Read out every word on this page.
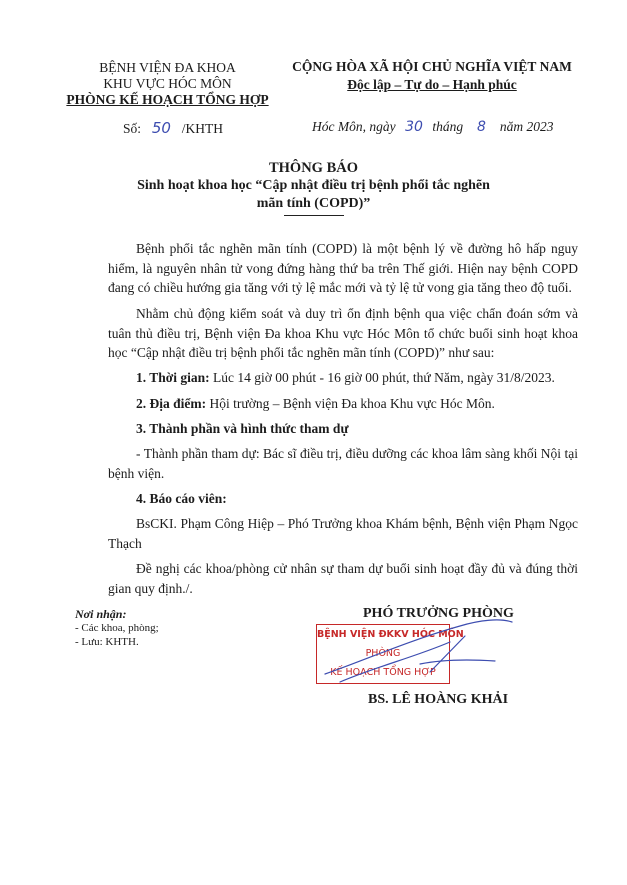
BỆNH VIỆN ĐA KHOA
KHU VỰC HÓC MÔN
PHÒNG KẾ HOẠCH TỔNG HỢP
CỘNG HÒA XÃ HỘI CHỦ NGHĨA VIỆT NAM
Độc lập – Tự do – Hạnh phúc
Số: 50 /KHTH	Hóc Môn, ngày 30 tháng 8 năm 2023
THÔNG BÁO
Sinh hoạt khoa học “Cập nhật điều trị bệnh phổi tắc nghẽn
mãn tính (COPD)”
Bệnh phổi tắc nghẽn mãn tính (COPD) là một bệnh lý về đường hô hấp nguy hiểm, là nguyên nhân tử vong đứng hàng thứ ba trên Thế giới. Hiện nay bệnh COPD đang có chiều hướng gia tăng với tỷ lệ mắc mới và tỷ lệ tử vong gia tăng theo độ tuổi.
Nhằm chủ động kiểm soát và duy trì ổn định bệnh qua việc chẩn đoán sớm và tuân thủ điều trị, Bệnh viện Đa khoa Khu vực Hóc Môn tổ chức buổi sinh hoạt khoa học “Cập nhật điều trị bệnh phổi tắc nghẽn mãn tính (COPD)” như sau:
1. Thời gian: Lúc 14 giờ 00 phút - 16 giờ 00 phút, thứ Năm, ngày 31/8/2023.
2. Địa điểm: Hội trường – Bệnh viện Đa khoa Khu vực Hóc Môn.
3. Thành phần và hình thức tham dự
- Thành phần tham dự: Bác sĩ điều trị, điều dưỡng các khoa lâm sàng khối Nội tại bệnh viện.
4. Báo cáo viên:
BsCKI. Phạm Công Hiệp – Phó Trưởng khoa Khám bệnh, Bệnh viện Phạm Ngọc Thạch
Đề nghị các khoa/phòng cử nhân sự tham dự buổi sinh hoạt đầy đủ và đúng thời gian quy định./.
Nơi nhận:
- Các khoa, phòng;
- Lưu: KHTH.
PHÓ TRƯỞNG PHÒNG
BỆNH VIỆN ĐKKV HÓC MÔN
PHÒNG
KẾ HOẠCH TỔNG HỢP
BS. LÊ HOÀNG KHẢI
